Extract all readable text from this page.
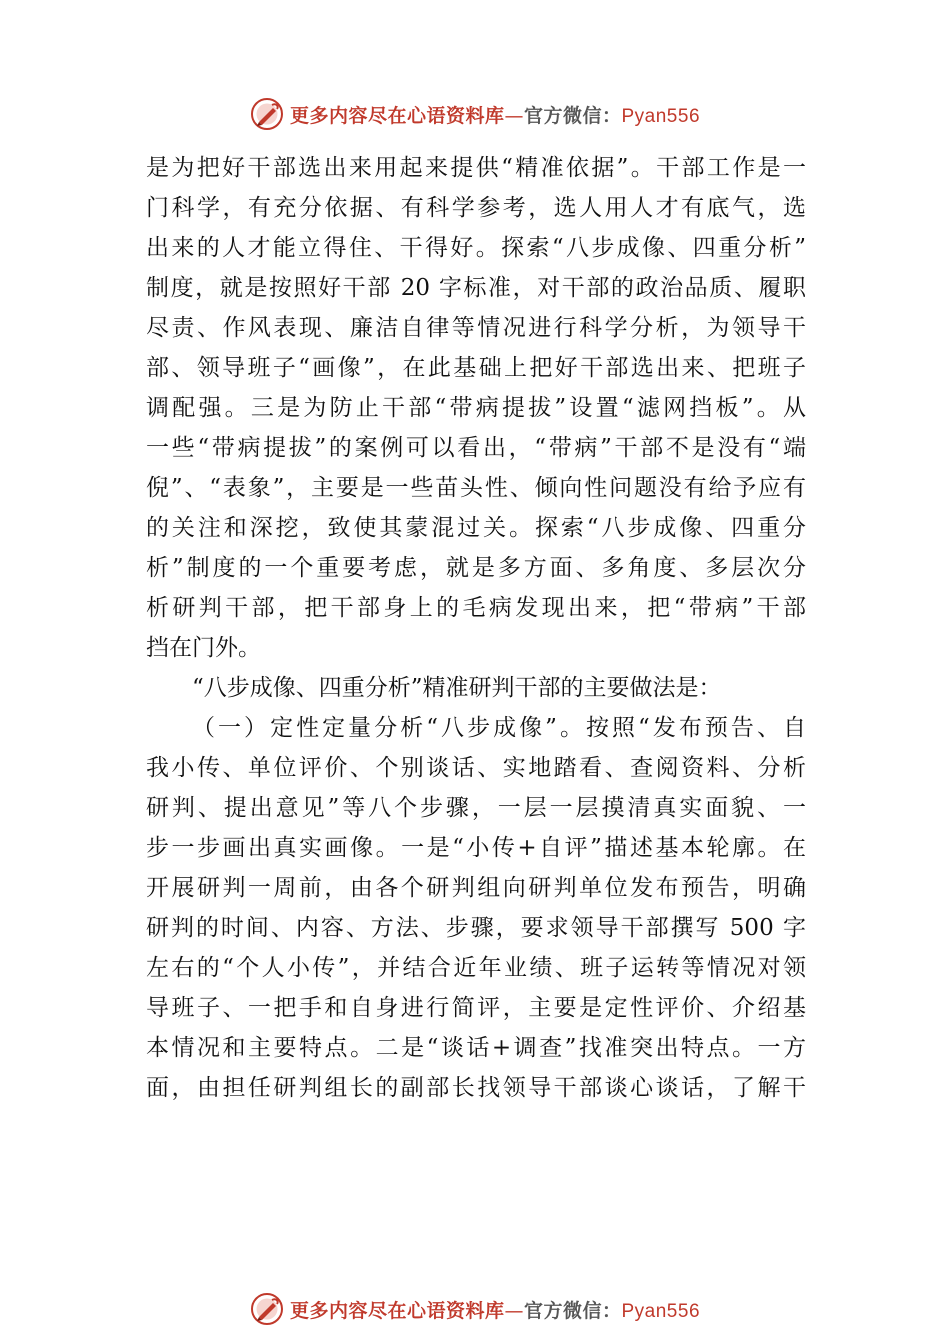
更多内容尽在心语资料库—官方微信：Pyan556
是为把好干部选出来用起来提供“精准依据”。干部工作是一
门科学，有充分依据、有科学参考，选人用人才有底气，选
出来的人才能立得住、干得好。探索“八步成像、四重分析”
制度，就是按照好干部 20 字标准，对干部的政治品质、履职
尽责、作风表现、廉洁自律等情况进行科学分析，为领导干
部、领导班子“画像”，在此基础上把好干部选出来、把班子
调配强。三是为防止干部“带病提拔”设置“滤网挡板”。从
一些“带病提拔”的案例可以看出，“带病”干部不是没有“端
倪”、“表象”，主要是一些苗头性、倾向性问题没有给予应有
的关注和深挖，致使其蒙混过关。探索“八步成像、四重分
析”制度的一个重要考虑，就是多方面、多角度、多层次分
析研判干部，把干部身上的毛病发现出来，把“带病”干部
挡在门外。
“八步成像、四重分析”精准研判干部的主要做法是：
（一）定性定量分析“八步成像”。按照“发布预告、自
我小传、单位评价、个别谈话、实地踏看、查阅资料、分析
研判、提出意见”等八个步骤，一层一层摸清真实面貌、一
步一步画出真实画像。一是“小传+自评”描述基本轮廓。在
开展研判一周前，由各个研判组向研判单位发布预告，明确
研判的时间、内容、方法、步骤，要求领导干部撰写 500 字
左右的“个人小传”，并结合近年业绩、班子运转等情况对领
导班子、一把手和自身进行简评，主要是定性评价、介绍基
本情况和主要特点。二是“谈话+调查”找准突出特点。一方
面，由担任研判组长的副部长找领导干部谈心谈话，了解干
更多内容尽在心语资料库—官方微信：Pyan556
